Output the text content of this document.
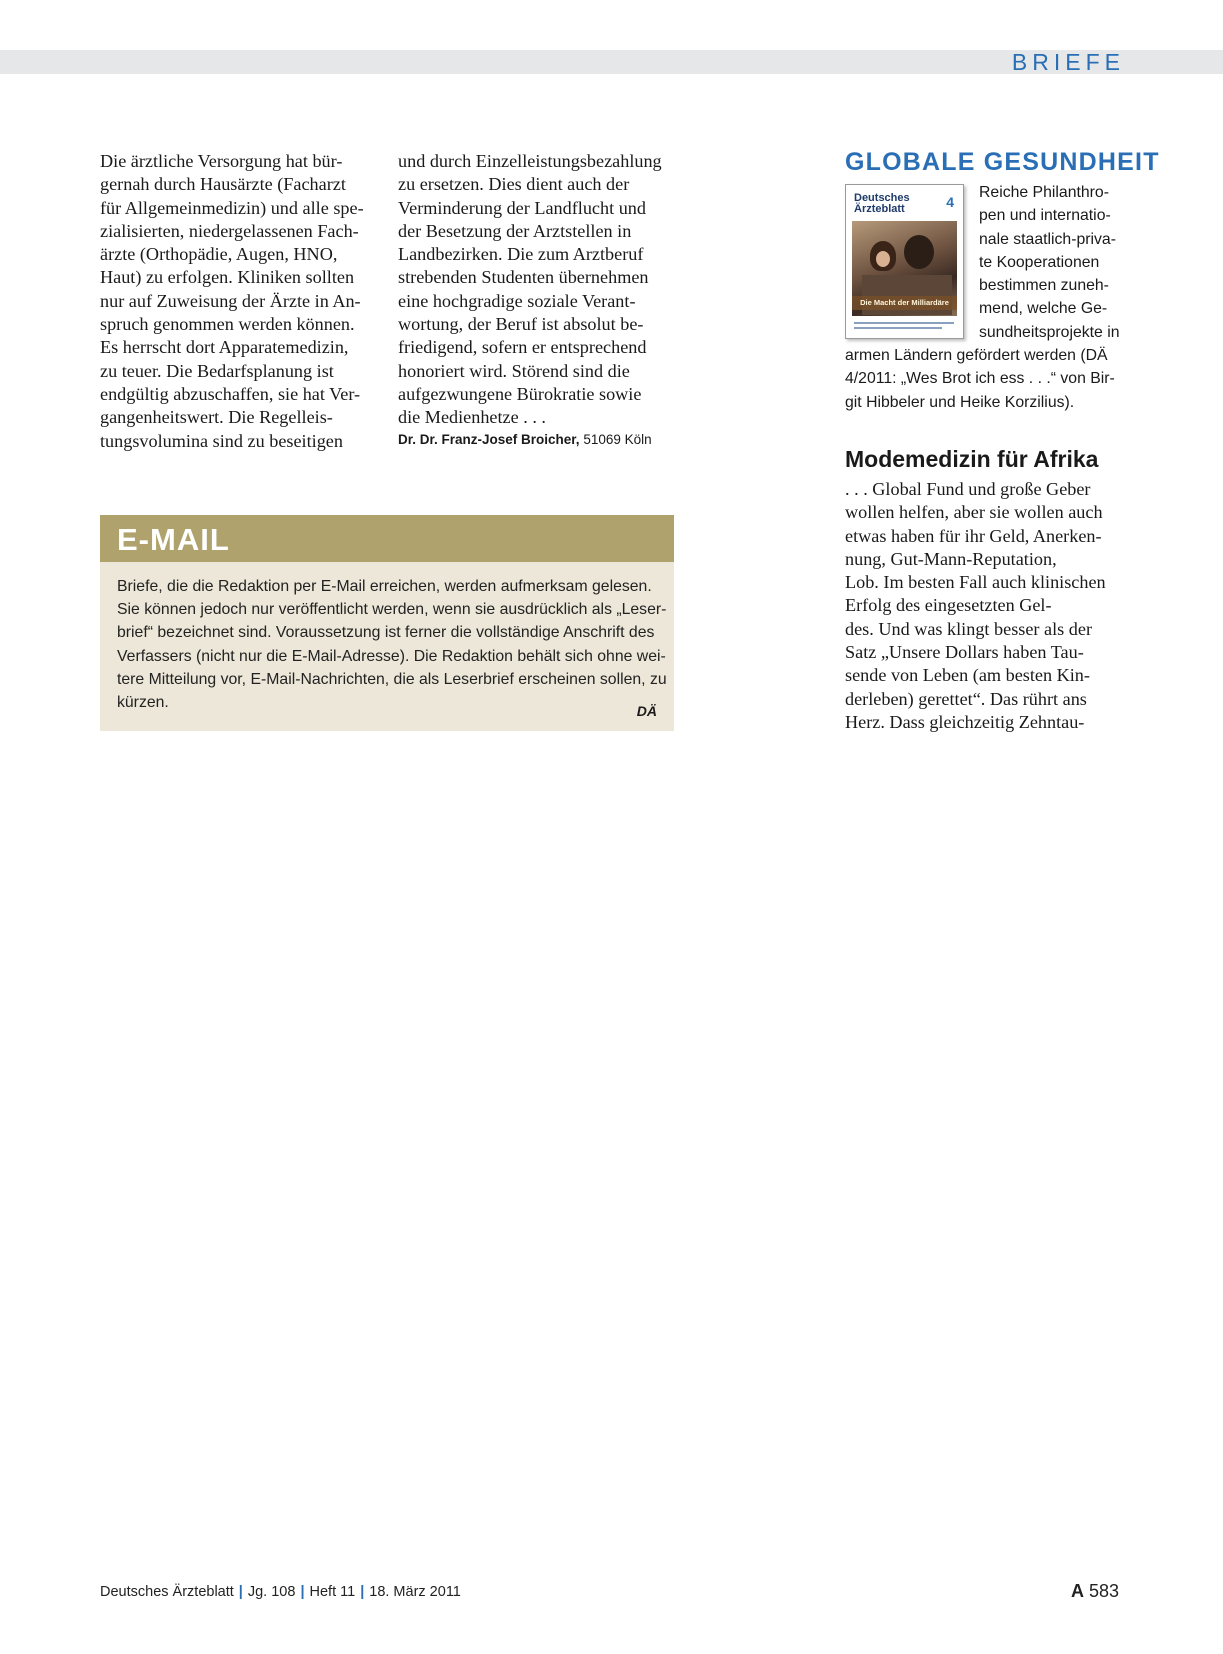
BRIEFE
Die ärztliche Versorgung hat bür-
gernah durch Hausärzte (Facharzt
für Allgemeinmedizin) und alle spe-
zialisierten, niedergelassenen Fach-
ärzte (Orthopädie, Augen, HNO,
Haut) zu erfolgen. Kliniken sollten
nur auf Zuweisung der Ärzte in An-
spruch genommen werden können.
Es herrscht dort Apparatemedizin,
zu teuer. Die Bedarfsplanung ist
endgültig abzuschaffen, sie hat Ver-
gangenheitswert. Die Regelleis-
tungsvolumina sind zu beseitigen
und durch Einzelleistungsbezahlung
zu ersetzen. Dies dient auch der
Verminderung der Landflucht und
der Besetzung der Arztstellen in
Landbezirken. Die zum Arztberuf
strebenden Studenten übernehmen
eine hochgradige soziale Verant-
wortung, der Beruf ist absolut be-
friedigend, sofern er entsprechend
honoriert wird. Störend sind die
aufgezwungene Bürokratie sowie
die Medienhetze . . .
Dr. Dr. Franz-Josef Broicher, 51069 Köln
E-MAIL
Briefe, die die Redaktion per E-Mail erreichen, werden aufmerksam gelesen.
Sie können jedoch nur veröffentlicht werden, wenn sie ausdrücklich als „Leser-
brief“ bezeichnet sind. Voraussetzung ist ferner die vollständige Anschrift des
Verfassers (nicht nur die E-Mail-Adresse). Die Redaktion behält sich ohne wei-
tere Mitteilung vor, E-Mail-Nachrichten, die als Leserbrief erscheinen sollen, zu
kürzen.	DÄ
GLOBALE GESUNDHEIT
Deutsches
Ärzteblatt	4
Die Macht der Milliardäre
Reiche Philanthro-
pen und internatio-
nale staatlich-priva-
te Kooperationen
bestimmen zuneh-
mend, welche Ge-
sundheitsprojekte in
armen Ländern gefördert werden (DÄ
4/2011: „Wes Brot ich ess . . .“ von Bir-
git Hibbeler und Heike Korzilius).
Modemedizin für Afrika
. . . Global Fund und große Geber
wollen helfen, aber sie wollen auch
etwas haben für ihr Geld, Anerken-
nung, Gut-Mann-Reputation,
Lob. Im besten Fall auch klinischen
Erfolg des eingesetzten Gel-
des. Und was klingt besser als der
Satz „Unsere Dollars haben Tau-
sende von Leben (am besten Kin-
derleben) gerettet“. Das rührt ans
Herz. Dass gleichzeitig Zehntau-
Deutsches Ärzteblatt | Jg. 108 | Heft 11 | 18. März 2011	A 583
